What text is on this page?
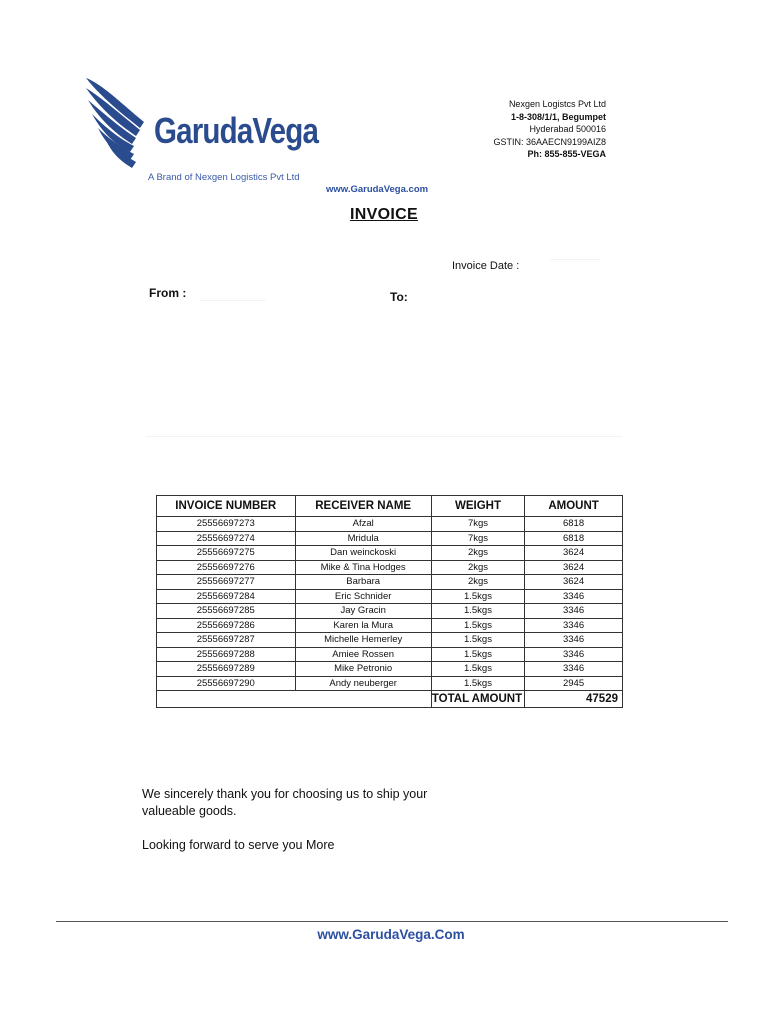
GarudaVega
A Brand of Nexgen Logistics Pvt Ltd
www.GarudaVega.com
Nexgen Logistcs Pvt Ltd
1-8-308/1/1, Begumpet
Hyderabad 500016
GSTIN: 36AAECN9199AIZ8
Ph: 855-855-VEGA
INVOICE
Invoice Date :
From :	To:
INVOICE NUMBER	RECEIVER NAME	WEIGHT	AMOUNT
25556697273	Afzal	7kgs	6818
25556697274	Mridula	7kgs	6818
25556697275	Dan weinckoski	2kgs	3624
25556697276	Mike & Tina Hodges	2kgs	3624
25556697277	Barbara	2kgs	3624
25556697284	Eric Schnider	1.5kgs	3346
25556697285	Jay Gracin	1.5kgs	3346
25556697286	Karen la Mura	1.5kgs	3346
25556697287	Michelle Hemerley	1.5kgs	3346
25556697288	Amiee Rossen	1.5kgs	3346
25556697289	Mike Petronio	1.5kgs	3346
25556697290	Andy neuberger	1.5kgs	2945
		TOTAL AMOUNT	47529
We sincerely thank you for choosing us to ship your valueable goods.
Looking forward to serve you More
www.GarudaVega.Com
